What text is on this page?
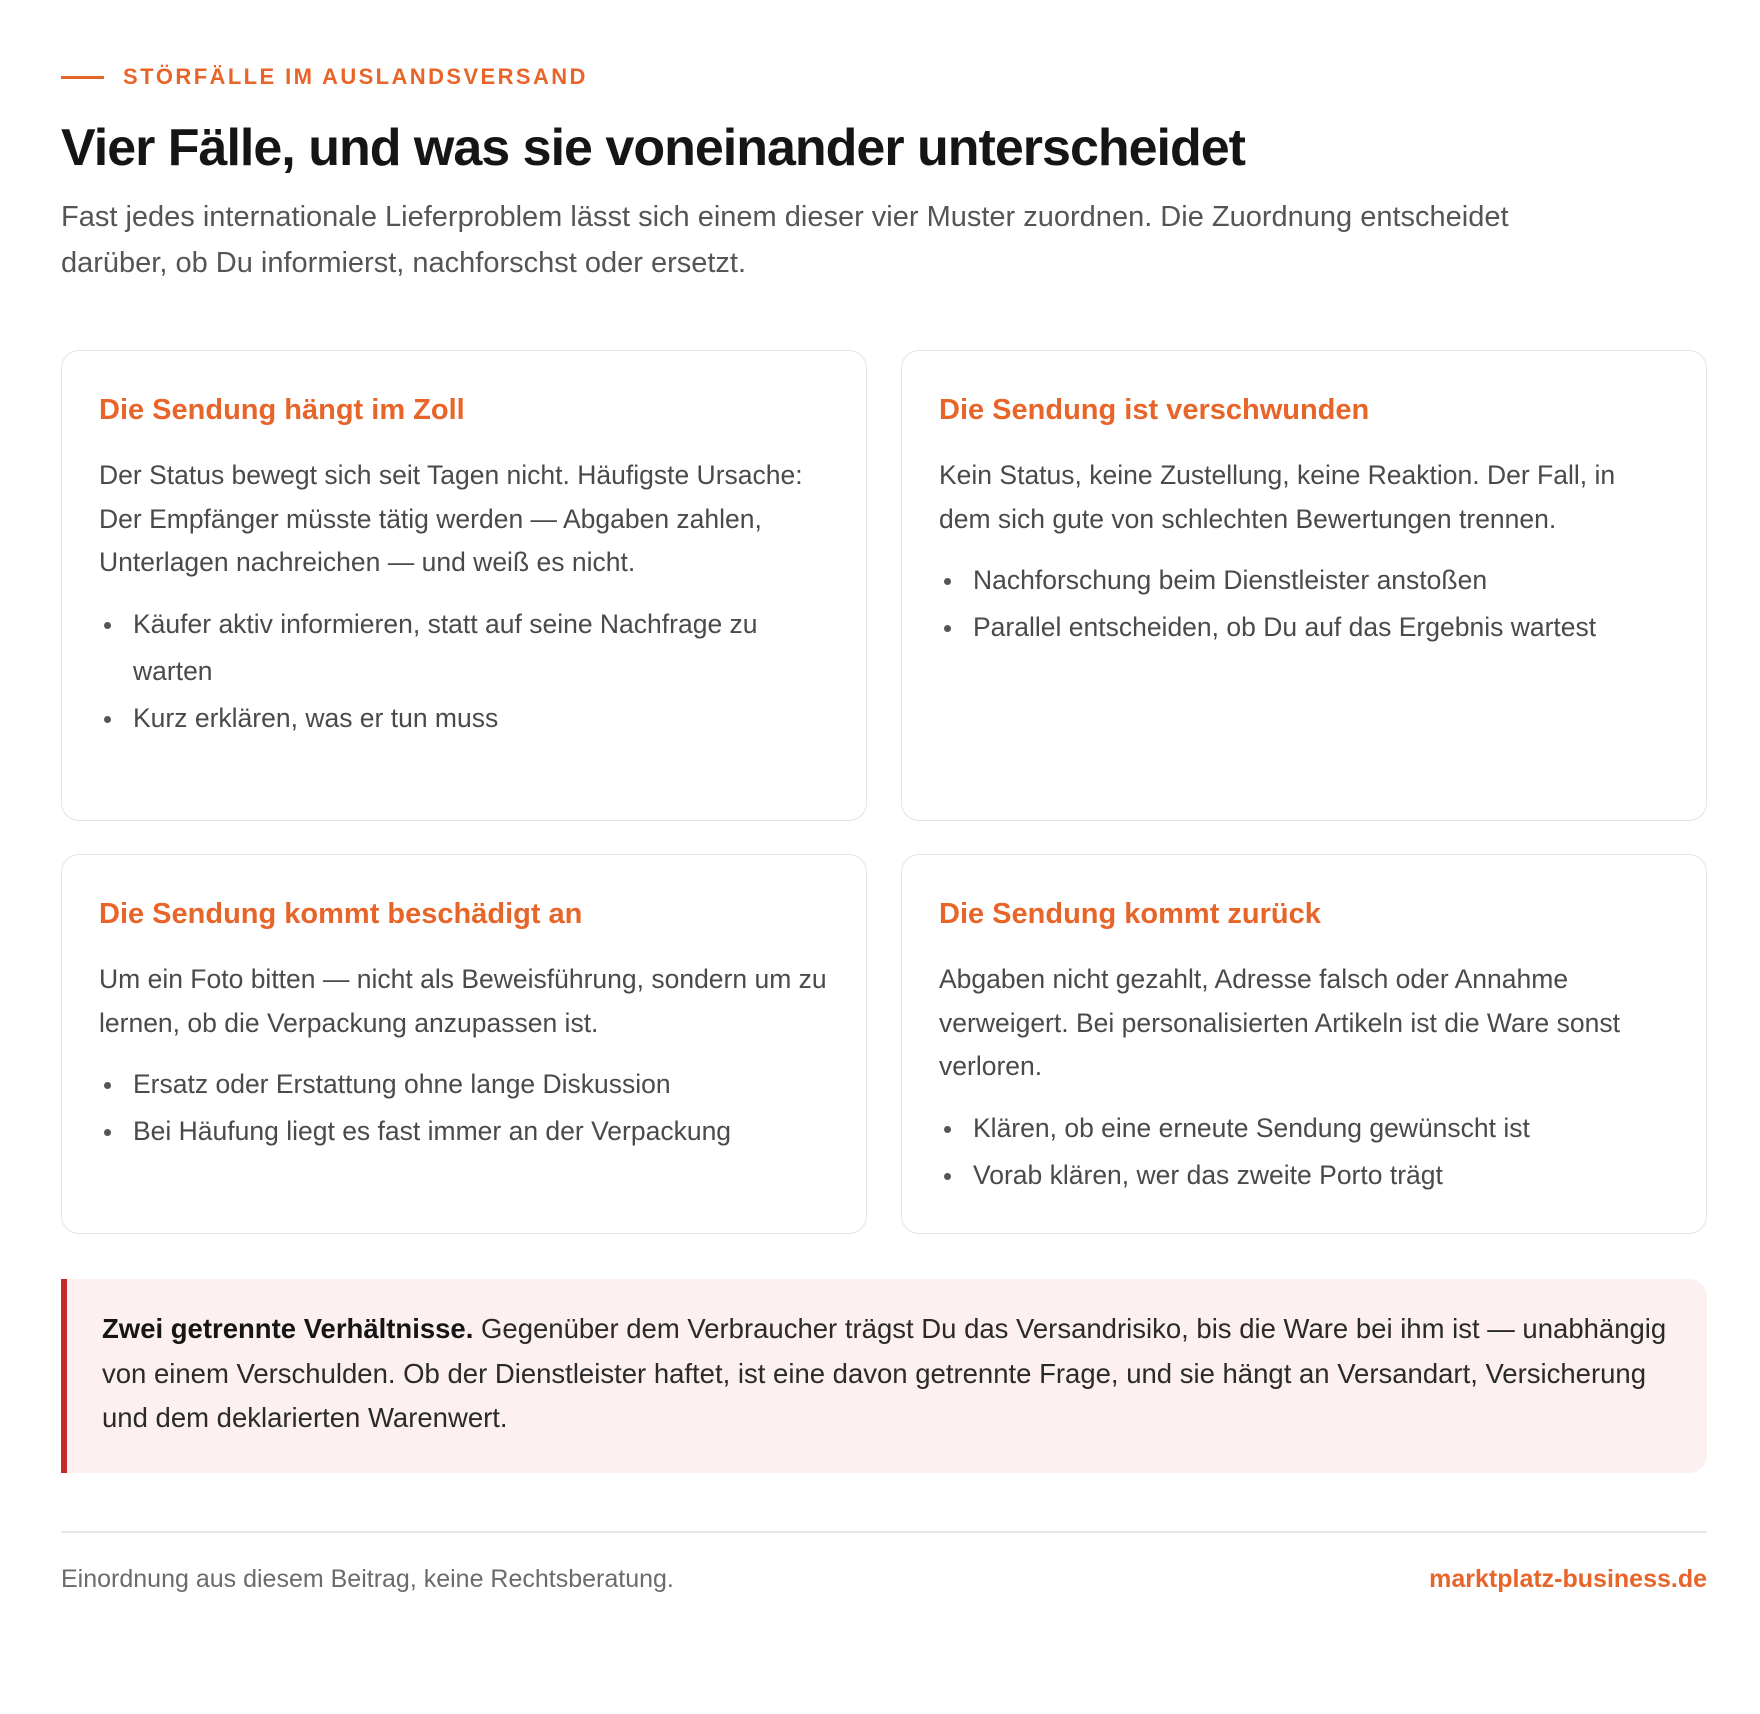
STÖRFÄLLE IM AUSLANDSVERSAND
Vier Fälle, und was sie voneinander unterscheidet

Fast jedes internationale Lieferproblem lässt sich einem dieser vier Muster zuordnen. Die Zuordnung entscheidet darüber, ob Du informierst, nachforschst oder ersetzt.

Die Sendung hängt im Zoll

Der Status bewegt sich seit Tagen nicht. Häufigste Ursache: Der Empfänger müsste tätig werden — Abgaben zahlen, Unterlagen nachreichen — und weiß es nicht.

Käufer aktiv informieren, statt auf seine Nachfrage zu warten
Kurz erklären, was er tun muss
Die Sendung ist verschwunden

Kein Status, keine Zustellung, keine Reaktion. Der Fall, in dem sich gute von schlechten Bewertungen trennen.

Nachforschung beim Dienstleister anstoßen
Parallel entscheiden, ob Du auf das Ergebnis wartest
Die Sendung kommt beschädigt an

Um ein Foto bitten — nicht als Beweisführung, sondern um zu lernen, ob die Verpackung anzupassen ist.

Ersatz oder Erstattung ohne lange Diskussion
Bei Häufung liegt es fast immer an der Verpackung
Die Sendung kommt zurück

Abgaben nicht gezahlt, Adresse falsch oder Annahme verweigert. Bei personalisierten Artikeln ist die Ware sonst verloren.

Klären, ob eine erneute Sendung gewünscht ist
Vorab klären, wer das zweite Porto trägt
Zwei getrennte Verhältnisse. Gegenüber dem Verbraucher trägst Du das Versandrisiko, bis die Ware bei ihm ist — unabhängig von einem Verschulden. Ob der Dienstleister haftet, ist eine davon getrennte Frage, und sie hängt an Versandart, Versicherung und dem deklarierten Warenwert.
Einordnung aus diesem Beitrag, keine Rechtsberatung.	marktplatz-business.de
